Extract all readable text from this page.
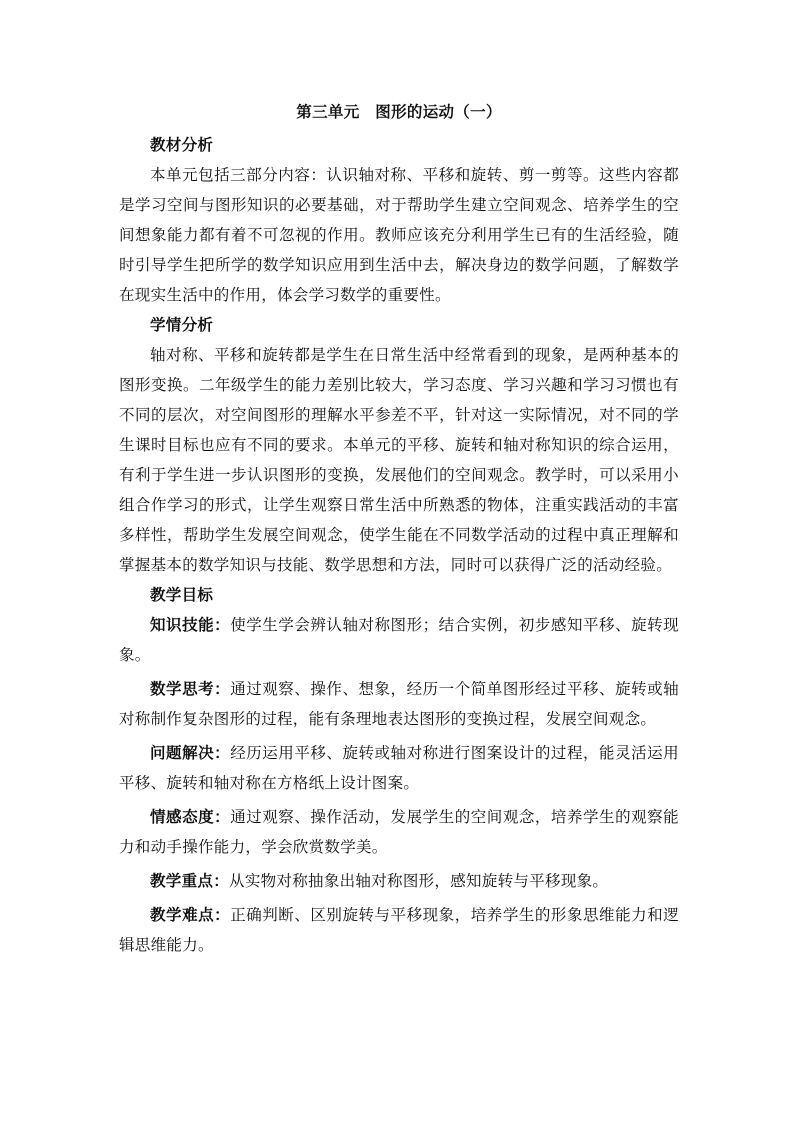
第三单元　图形的运动（一）

教材分析

本单元包括三部分内容：认识轴对称、平移和旋转、剪一剪等。这些内容都是学习空间与图形知识的必要基础，对于帮助学生建立空间观念、培养学生的空间想象能力都有着不可忽视的作用。教师应该充分利用学生已有的生活经验，随时引导学生把所学的数学知识应用到生活中去，解决身边的数学问题，了解数学在现实生活中的作用，体会学习数学的重要性。

学情分析

轴对称、平移和旋转都是学生在日常生活中经常看到的现象，是两种基本的图形变换。二年级学生的能力差别比较大，学习态度、学习兴趣和学习习惯也有不同的层次，对空间图形的理解水平参差不平，针对这一实际情况，对不同的学生课时目标也应有不同的要求。本单元的平移、旋转和轴对称知识的综合运用，有利于学生进一步认识图形的变换，发展他们的空间观念。教学时，可以采用小组合作学习的形式，让学生观察日常生活中所熟悉的物体，注重实践活动的丰富多样性，帮助学生发展空间观念，使学生能在不同数学活动的过程中真正理解和掌握基本的数学知识与技能、数学思想和方法，同时可以获得广泛的活动经验。

教学目标

知识技能：使学生学会辨认轴对称图形；结合实例，初步感知平移、旋转现象。

数学思考：通过观察、操作、想象，经历一个简单图形经过平移、旋转或轴对称制作复杂图形的过程，能有条理地表达图形的变换过程，发展空间观念。

问题解决：经历运用平移、旋转或轴对称进行图案设计的过程，能灵活运用平移、旋转和轴对称在方格纸上设计图案。

情感态度：通过观察、操作活动，发展学生的空间观念，培养学生的观察能力和动手操作能力，学会欣赏数学美。

教学重点：从实物对称抽象出轴对称图形，感知旋转与平移现象。

教学难点：正确判断、区别旋转与平移现象，培养学生的形象思维能力和逻辑思维能力。
